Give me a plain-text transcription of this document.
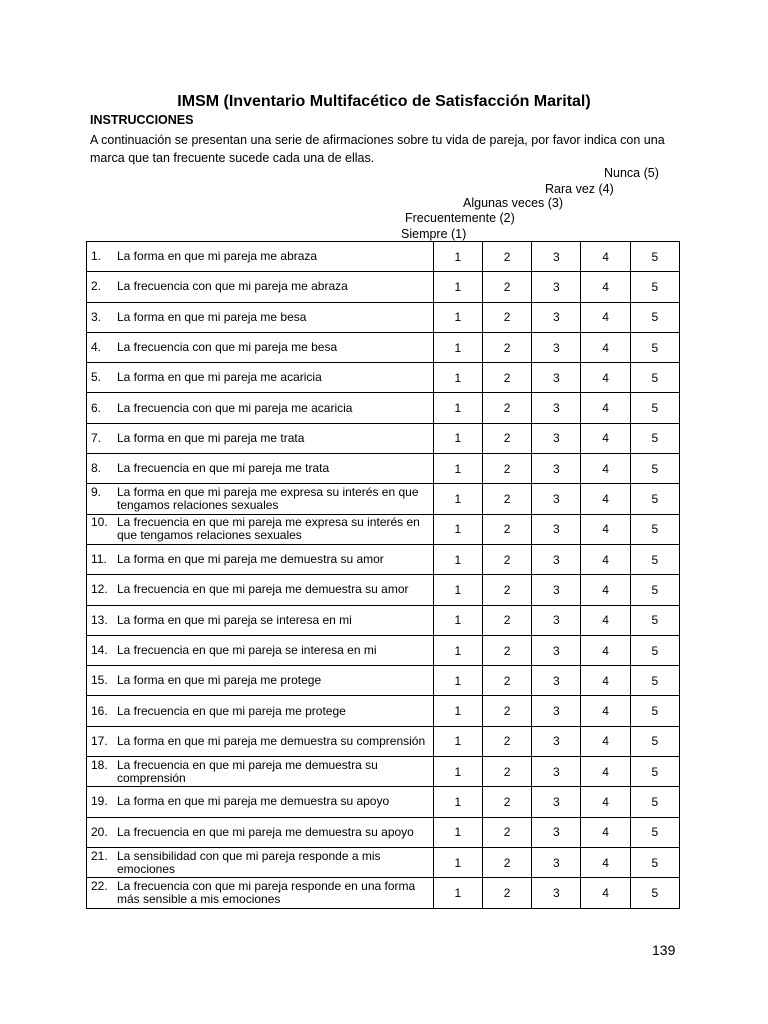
IMSM (Inventario Multifacético de Satisfacción Marital)
INSTRUCCIONES
A continuación se presentan una serie de afirmaciones sobre tu vida de pareja, por favor indica con una marca que tan frecuente sucede cada una de ellas.
Nunca (5)
Rara vez (4)
Algunas veces (3)
Frecuentemente (2)
Siempre (1)
1. La forma en que mi pareja me abraza	1	2	3	4	5

2. La frecuencia con que mi pareja me abraza	1	2	3	4	5

3. La forma en que mi pareja me besa	1	2	3	4	5

4. La frecuencia con que mi pareja me besa	1	2	3	4	5

5. La forma en que mi pareja me acaricia	1	2	3	4	5

6. La frecuencia con que mi pareja me acaricia	1	2	3	4	5

7. La forma en que mi pareja me trata	1	2	3	4	5

8. La frecuencia en que mi pareja me trata	1	2	3	4	5

9. La forma en que mi pareja me expresa su interés en que tengamos relaciones sexuales	1	2	3	4	5

10. La frecuencia en que mi pareja me expresa su interés en que tengamos relaciones sexuales	1	2	3	4	5

11. La forma en que mi pareja me demuestra su amor	1	2	3	4	5

12. La frecuencia en que mi pareja me demuestra su amor	1	2	3	4	5

13. La forma en que mi pareja se interesa en mi	1	2	3	4	5

14. La frecuencia en que mi pareja se interesa en mi	1	2	3	4	5

15. La forma en que mi pareja me protege	1	2	3	4	5

16. La frecuencia en que mi pareja me protege	1	2	3	4	5

17. La forma en que mi pareja me demuestra su comprensión	1	2	3	4	5

18. La frecuencia en que mi pareja me demuestra su comprensión	1	2	3	4	5

19. La forma en que mi pareja me demuestra su apoyo	1	2	3	4	5

20. La frecuencia en que mi pareja me demuestra su apoyo	1	2	3	4	5

21. La sensibilidad con que mi pareja responde a mis emociones	1	2	3	4	5

22. La frecuencia con que mi pareja responde en una forma más sensible a mis emociones	1	2	3	4	5
139
